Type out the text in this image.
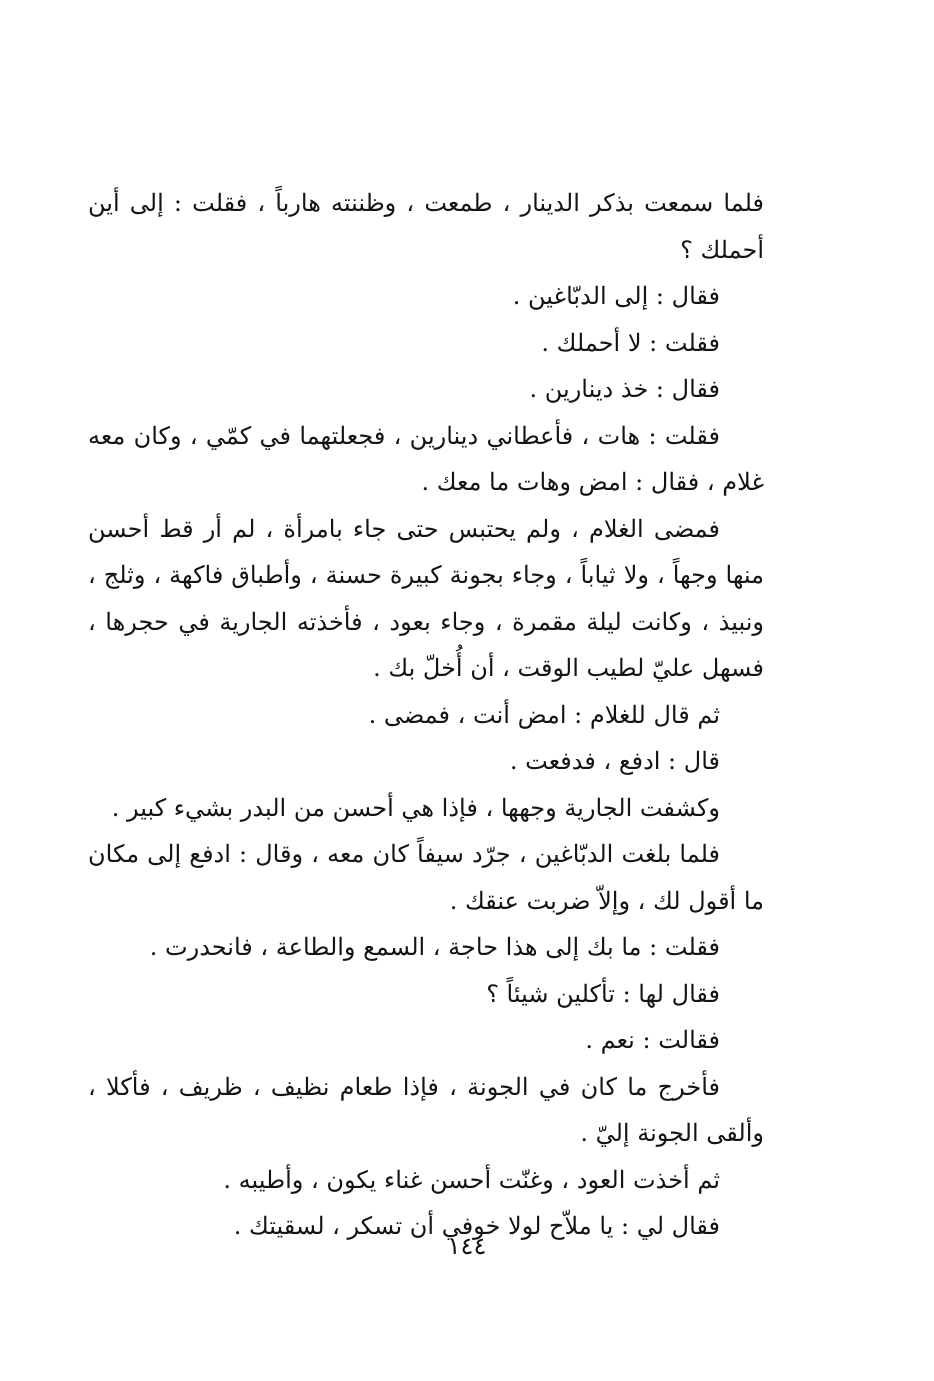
فلما سمعت بذكر الدينار ، طمعت ، وظننته هارباً ، فقلت : إلى أين أحملك ؟

فقال : إلى الدبّاغين .

فقلت : لا أحملك .

فقال : خذ دينارين .

فقلت : هات ، فأعطاني دينارين ، فجعلتهما في كمّي ، وكان معه غلام ، فقال : امض وهات ما معك .

فمضى الغلام ، ولم يحتبس حتى جاء بامرأة ، لم أر قط أحسن منها وجهاً ، ولا ثياباً ، وجاء بجونة كبيرة حسنة ، وأطباق فاكهة ، وثلج ، ونبيذ ، وكانت ليلة مقمرة ، وجاء بعود ، فأخذته الجارية في حجرها ، فسهل عليّ لطيب الوقت ، أن أُخلّ بك .

ثم قال للغلام : امض أنت ، فمضى .

قال : ادفع ، فدفعت .

وكشفت الجارية وجهها ، فإذا هي أحسن من البدر بشيء كبير .

فلما بلغت الدبّاغين ، جرّد سيفاً كان معه ، وقال : ادفع إلى مكان ما أقول لك ، وإلاّ ضربت عنقك .

فقلت : ما بك إلى هذا حاجة ، السمع والطاعة ، فانحدرت .

فقال لها : تأكلين شيئاً ؟

فقالت : نعم .

فأخرج ما كان في الجونة ، فإذا طعام نظيف ، ظريف ، فأكلا ، وألقى الجونة إليّ .

ثم أخذت العود ، وغنّت أحسن غناء يكون ، وأطيبه .

فقال لي : يا ملاّح لولا خوفي أن تسكر ، لسقيتك .

١٤٤
